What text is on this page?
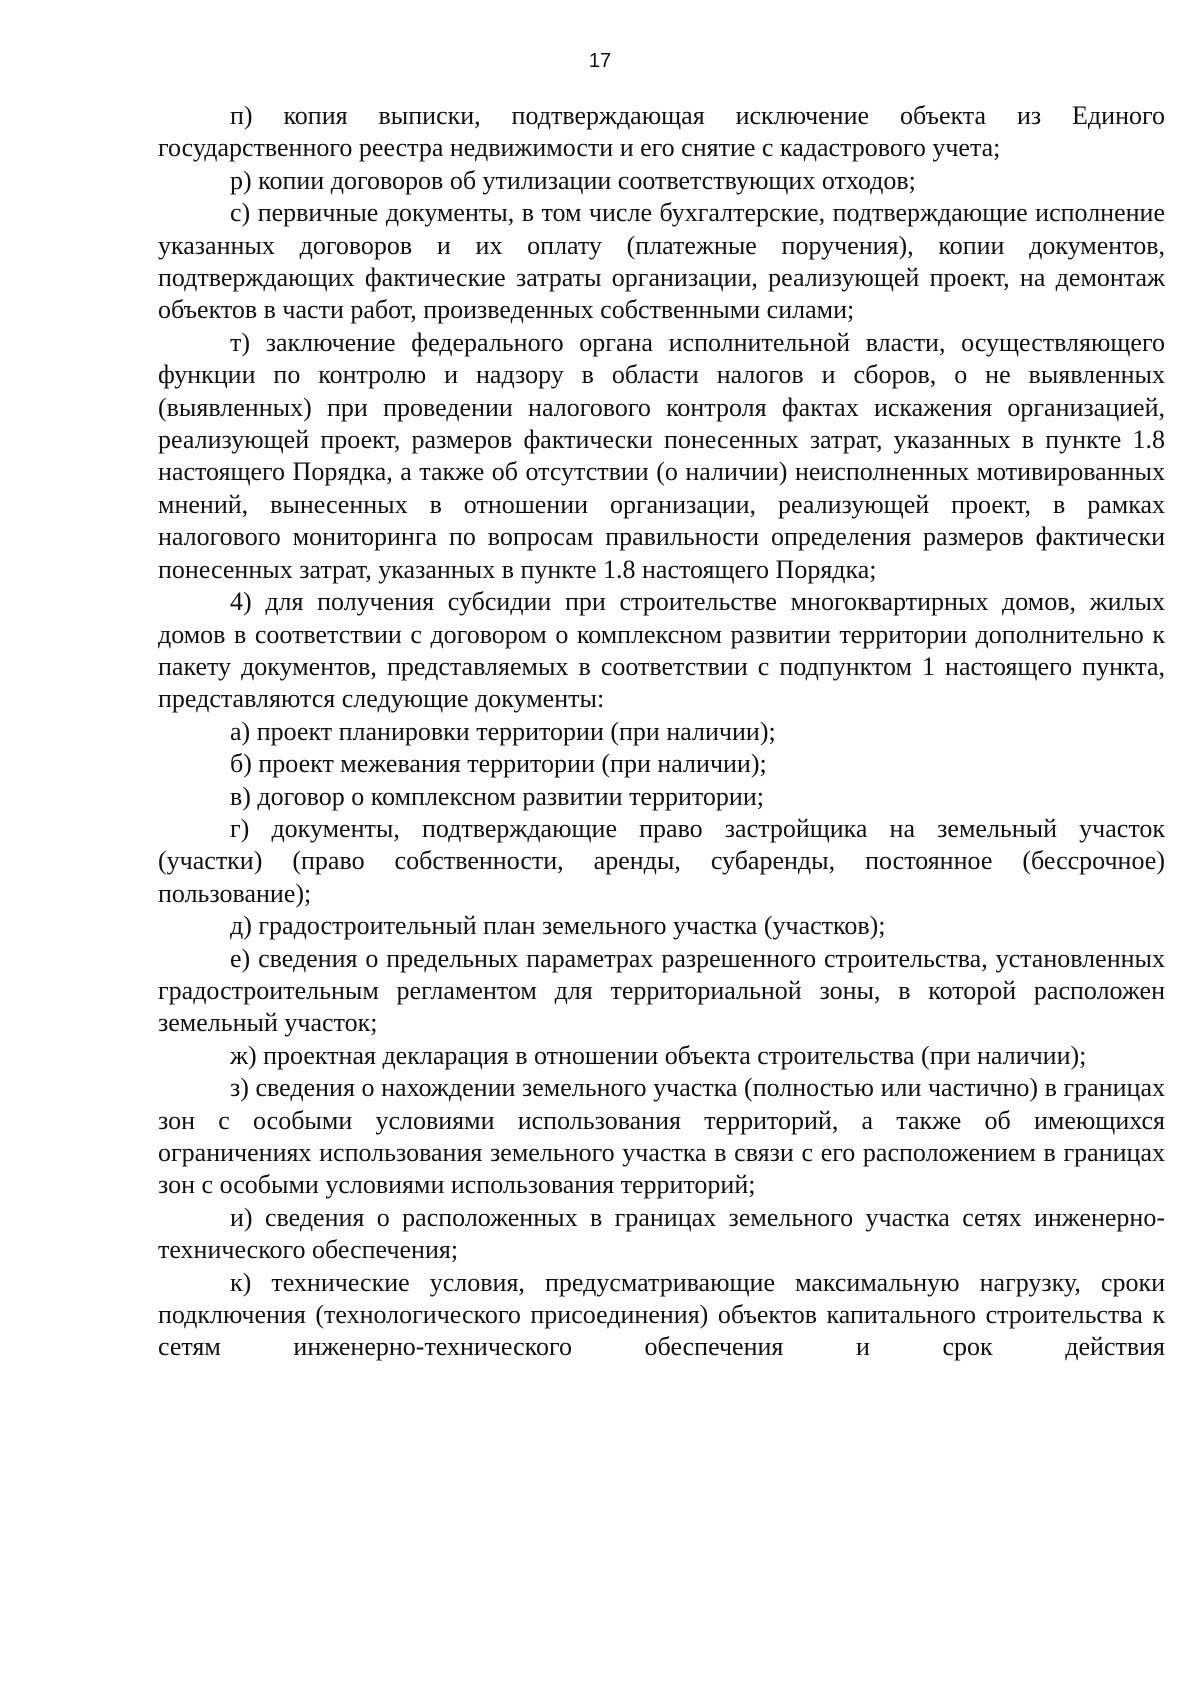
17

п) копия выписки, подтверждающая исключение объекта из Единого государственного реестра недвижимости и его снятие с кадастрового учета;

р) копии договоров об утилизации соответствующих отходов;

с) первичные документы, в том числе бухгалтерские, подтверждающие исполнение указанных договоров и их оплату (платежные поручения), копии документов, подтверждающих фактические затраты организации, реализующей проект, на демонтаж объектов в части работ, произведенных собственными силами;

т) заключение федерального органа исполнительной власти, осуществляющего функции по контролю и надзору в области налогов и сборов, о не выявленных (выявленных) при проведении налогового контроля фактах искажения организацией, реализующей проект, размеров фактически понесенных затрат, указанных в пункте 1.8 настоящего Порядка, а также об отсутствии (о наличии) неисполненных мотивированных мнений, вынесенных в отношении организации, реализующей проект, в рамках налогового мониторинга по вопросам правильности определения размеров фактически понесенных затрат, указанных в пункте 1.8 настоящего Порядка;

4) для получения субсидии при строительстве многоквартирных домов, жилых домов в соответствии с договором о комплексном развитии территории дополнительно к пакету документов, представляемых в соответствии с подпунктом 1 настоящего пункта, представляются следующие документы:

а) проект планировки территории (при наличии);

б) проект межевания территории (при наличии);

в) договор о комплексном развитии территории;

г) документы, подтверждающие право застройщика на земельный участок (участки) (право собственности, аренды, субаренды, постоянное (бессрочное) пользование);

д) градостроительный план земельного участка (участков);

е) сведения о предельных параметрах разрешенного строительства, установленных градостроительным регламентом для территориальной зоны, в которой расположен земельный участок;

ж) проектная декларация в отношении объекта строительства (при наличии);

з) сведения о нахождении земельного участка (полностью или частично) в границах зон с особыми условиями использования территорий, а также об имеющихся ограничениях использования земельного участка в связи с его расположением в границах зон с особыми условиями использования территорий;

и) сведения о расположенных в границах земельного участка сетях инженерно-технического обеспечения;

к) технические условия, предусматривающие максимальную нагрузку, сроки подключения (технологического присоединения) объектов капитального строительства к сетям инженерно-технического обеспечения и срок действия
